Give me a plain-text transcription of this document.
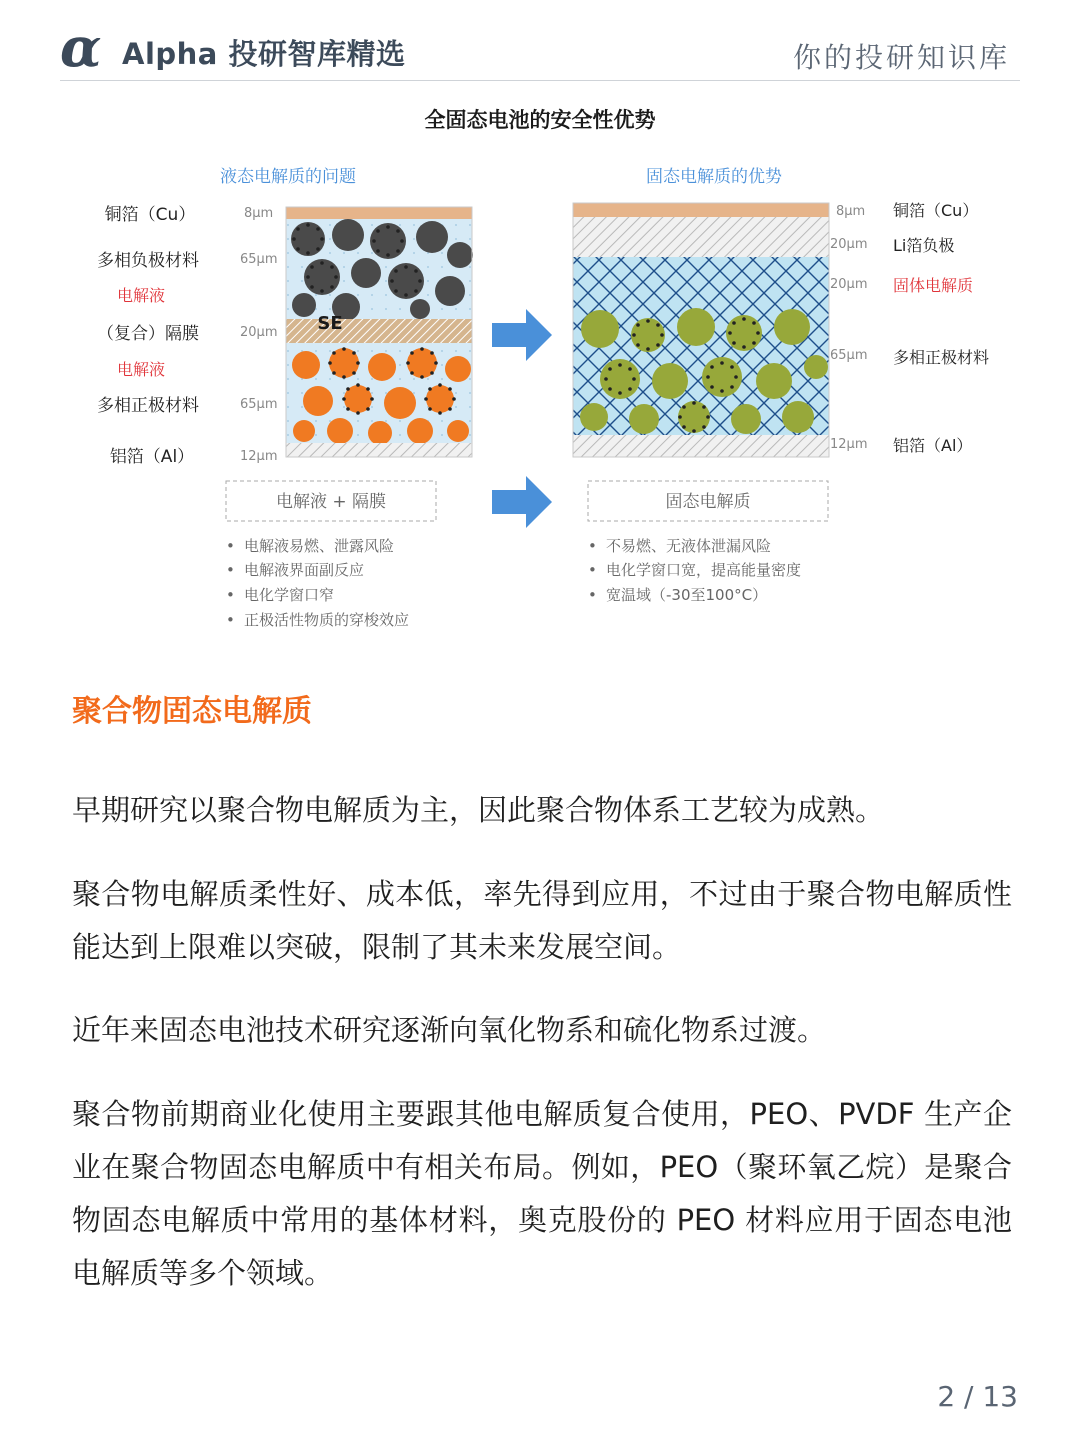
α Alpha 投研智库精选	你的投研知识库
全固态电池的安全性优势
液态电解质的问题	固态电解质的优势
铜箔（Cu）
多相负极材料
电解液
（复合）隔膜
电解液
多相正极材料
铝箔（Al）
8μm
65μm
20μm
65μm
12μm
SE
8μm
20μm
20μm
65μm
12μm
铜箔（Cu）
Li箔负极
固体电解质
多相正极材料
铝箔（Al）
电解液 + 隔膜	固态电解质
• 电解液易燃、泄露风险
• 电解液界面副反应
• 电化学窗口窄
• 正极活性物质的穿梭效应
• 不易燃、无液体泄漏风险
• 电化学窗口宽，提高能量密度
• 宽温域（-30至100°C）
聚合物固态电解质

早期研究以聚合物电解质为主，因此聚合物体系工艺较为成熟。

聚合物电解质柔性好、成本低，率先得到应用，不过由于聚合物电解质性能达到上限难以突破，限制了其未来发展空间。

近年来固态电池技术研究逐渐向氧化物系和硫化物系过渡。

聚合物前期商业化使用主要跟其他电解质复合使用，PEO、PVDF 生产企业在聚合物固态电解质中有相关布局。例如，PEO（聚环氧乙烷）是聚合物固态电解质中常用的基体材料，奥克股份的 PEO 材料应用于固态电池电解质等多个领域。

2 / 13
